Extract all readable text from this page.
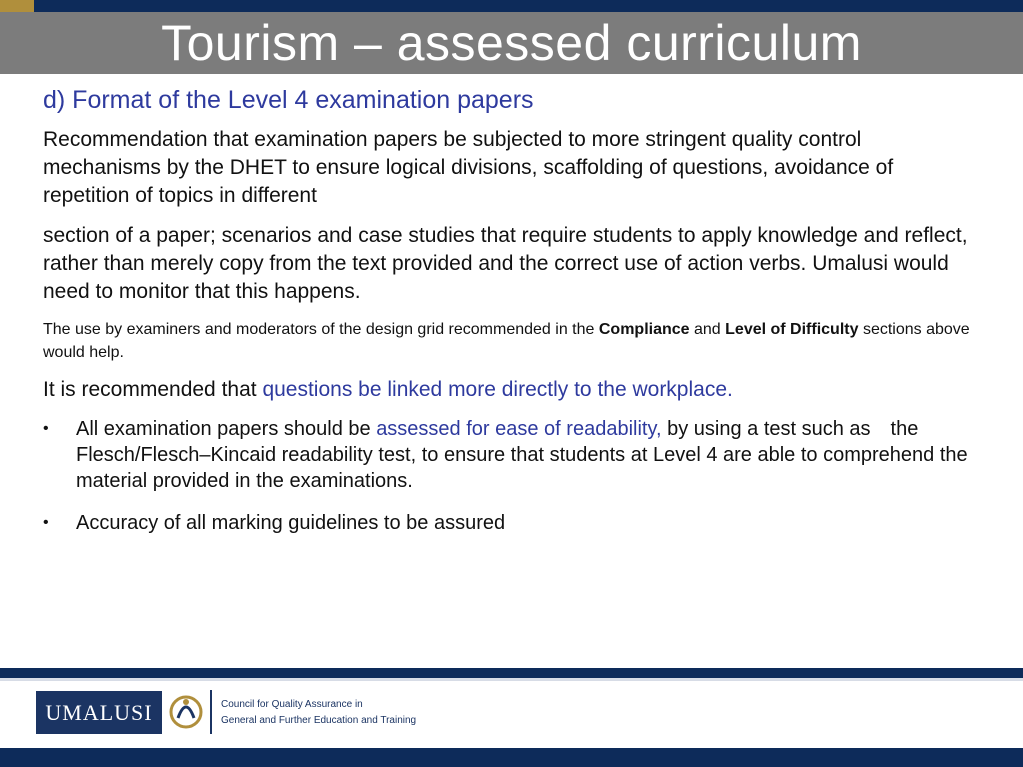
Tourism – assessed curriculum
d) Format of the Level 4 examination papers

Recommendation that examination papers be subjected to more stringent quality control mechanisms by the DHET to ensure logical divisions, scaffolding of questions, avoidance of repetition of topics in different

section of a paper; scenarios and case studies that require students to apply knowledge and reflect, rather than merely copy from the text provided and the correct use of action verbs. Umalusi would need to monitor that this happens.

The use by examiners and moderators of the design grid recommended in the Compliance and Level of Difficulty sections above would help.

It is recommended that questions be linked more directly to the workplace.

• All examination papers should be assessed for ease of readability, by using a test such as the Flesch/Flesch–Kincaid readability test, to ensure that students at Level 4 are able to comprehend the material provided in the examinations.
• Accuracy of all marking guidelines to be assured
UMALUSI	Council for Quality Assurance in
General and Further Education and Training
